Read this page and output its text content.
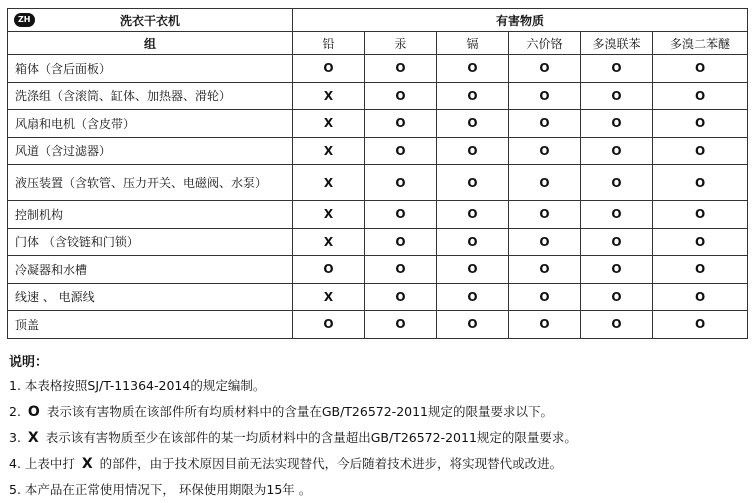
ZH 洗衣干衣机	有害物质					
组	铅	汞	镉	六价铬	多溴联苯	多溴二苯醚
箱体（含后面板）	O	O	O	O	O	O
洗涤组（含滚筒、缸体、加热器、滑轮）	X	O	O	O	O	O
风扇和电机（含皮带）	X	O	O	O	O	O
风道（含过滤器）	X	O	O	O	O	O
液压装置（含软管、压力开关、电磁阀、水泵）	X	O	O	O	O	O
控制机构	X	O	O	O	O	O
门体 （含铰链和门锁）	X	O	O	O	O	O
冷凝器和水槽	O	O	O	O	O	O
线速 、 电源线	X	O	O	O	O	O
顶盖	O	O	O	O	O	O
说明：
1. 本表格按照SJ/T-11364-2014的规定编制。
2. O 表示该有害物质在该部件所有均质材料中的含量在GB/T26572-2011规定的限量要求以下。
3. X 表示该有害物质至少在该部件的某一均质材料中的含量超出GB/T26572-2011规定的限量要求。
4. 上表中打 X 的部件，由于技术原因目前无法实现替代，今后随着技术进步，将实现替代或改进。
5. 本产品在正常使用情况下， 环保使用期限为15年 。
